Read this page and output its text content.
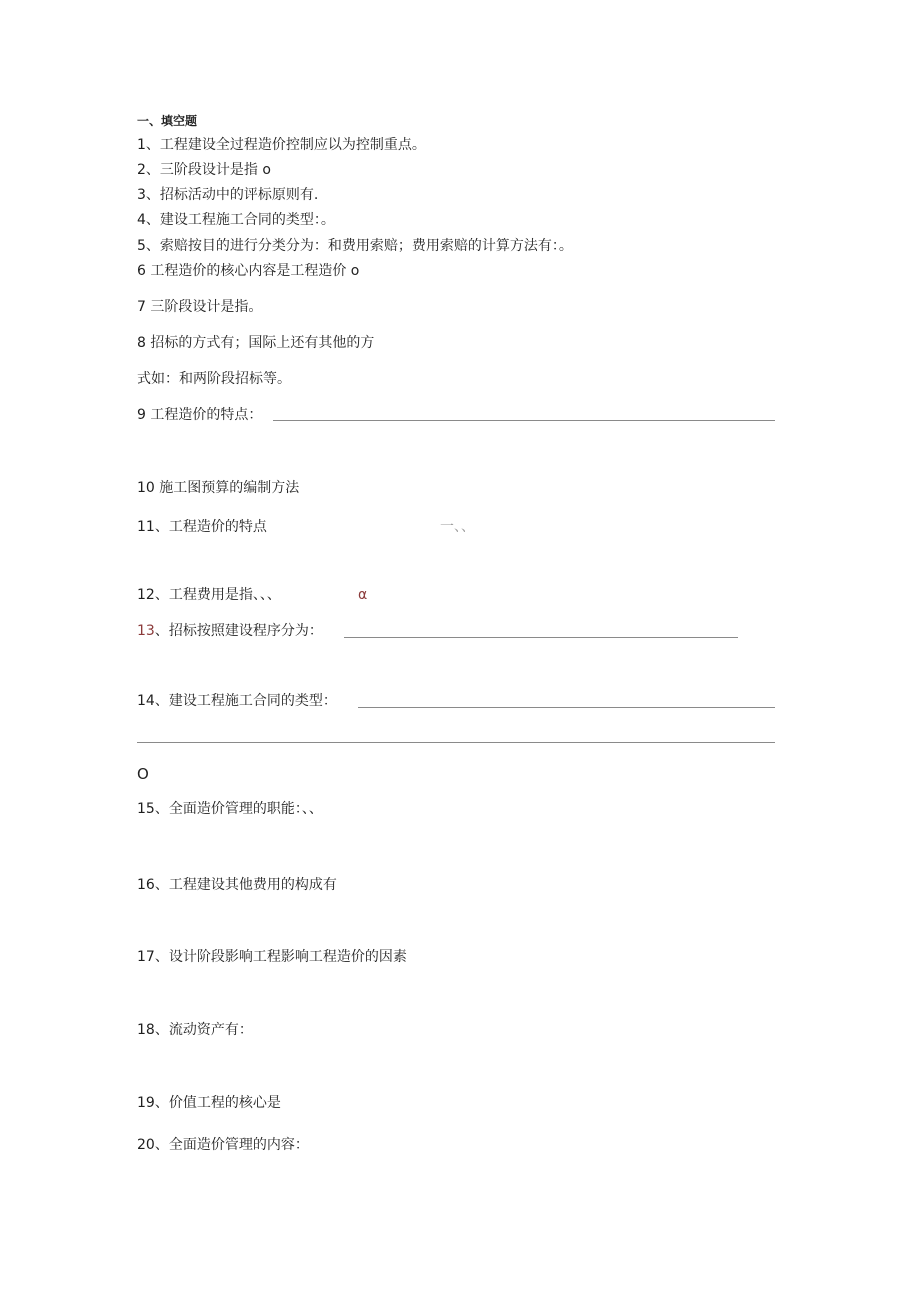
一、填空题
1、工程建设全过程造价控制应以为控制重点。
2、三阶段设计是指 o
3、招标活动中的评标原则有.
4、建设工程施工合同的类型：。
5、索赔按目的进行分类分为：和费用索赔；费用索赔的计算方法有：。
6 工程造价的核心内容是工程造价 o
7 三阶段设计是指。
8 招标的方式有；国际上还有其他的方
式如：和两阶段招标等。
9 工程造价的特点：
10 施工图预算的编制方法
11、工程造价的特点	一、、
12、工程费用是指、、、	α
13、招标按照建设程序分为：
14、建设工程施工合同的类型：
O
15、全面造价管理的职能：、、
16、工程建设其他费用的构成有
17、设计阶段影响工程影响工程造价的因素
18、流动资产有：
19、价值工程的核心是
20、全面造价管理的内容：
